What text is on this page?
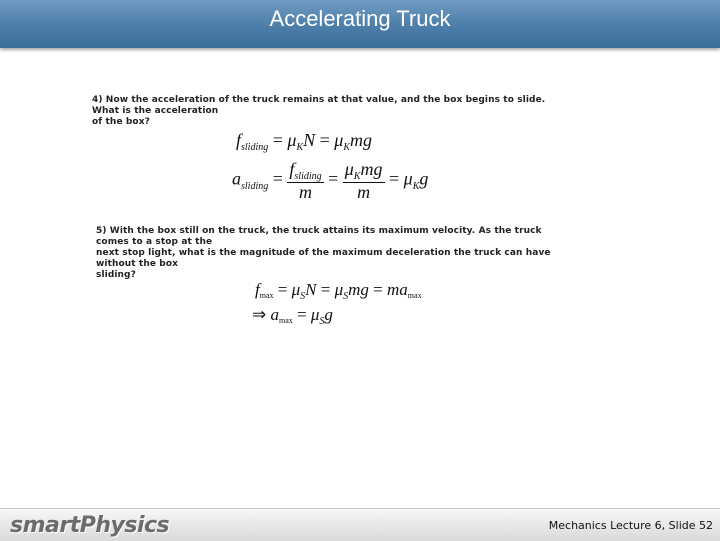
Accelerating Truck
4) Now the acceleration of the truck remains at that value, and the box begins to slide. What is the acceleration
of the box?
$f_{sliding} = \mu_KN = \mu_Kmg$
$a_{sliding} = \frac{f_{sliding}}{m} = \frac{\mu_Kmg}{m} = \mu_Kg$
5) With the box still on the truck, the truck attains its maximum velocity. As the truck comes to a stop at the
next stop light, what is the magnitude of the maximum deceleration the truck can have without the box
sliding?
$fmax = \mu_SN = \mu_Smg = mamax$
⇒ $amax = \mu_Sg$
smartPhysics	Mechanics Lecture 6, Slide 52
